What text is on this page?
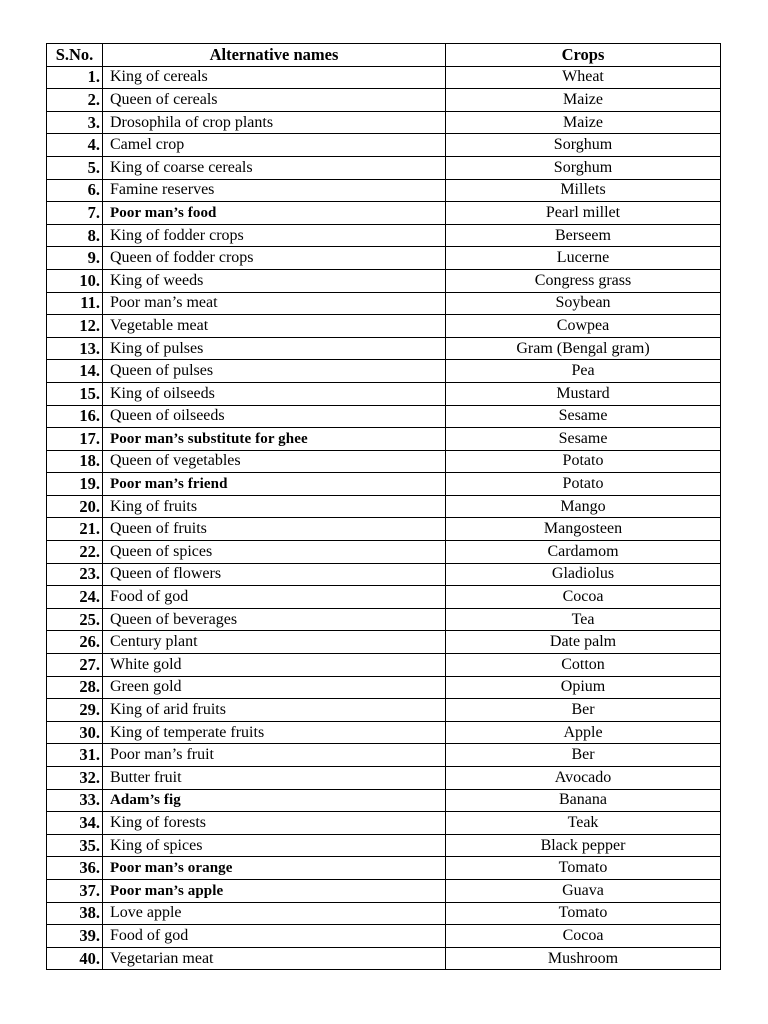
S.No.	Alternative names	Crops
1.	King of cereals	Wheat
2.	Queen of cereals	Maize
3.	Drosophila of crop plants	Maize
4.	Camel crop	Sorghum
5.	King of coarse cereals	Sorghum
6.	Famine reserves	Millets
7.	Poor man’s food	Pearl millet
8.	King of fodder crops	Berseem
9.	Queen of fodder crops	Lucerne
10.	King of weeds	Congress grass
11.	Poor man’s meat	Soybean
12.	Vegetable meat	Cowpea
13.	King of pulses	Gram (Bengal gram)
14.	Queen of pulses	Pea
15.	King of oilseeds	Mustard
16.	Queen of oilseeds	Sesame
17.	Poor man’s substitute for ghee	Sesame
18.	Queen of vegetables	Potato
19.	Poor man’s friend	Potato
20.	King of fruits	Mango
21.	Queen of fruits	Mangosteen
22.	Queen of spices	Cardamom
23.	Queen of flowers	Gladiolus
24.	Food of god	Cocoa
25.	Queen of beverages	Tea
26.	Century plant	Date palm
27.	White gold	Cotton
28.	Green gold	Opium
29.	King of arid fruits	Ber
30.	King of temperate fruits	Apple
31.	Poor man’s fruit	Ber
32.	Butter fruit	Avocado
33.	Adam’s fig	Banana
34.	King of forests	Teak
35.	King of spices	Black pepper
36.	Poor man’s orange	Tomato
37.	Poor man’s apple	Guava
38.	Love apple	Tomato
39.	Food of god	Cocoa
40.	Vegetarian meat	Mushroom
